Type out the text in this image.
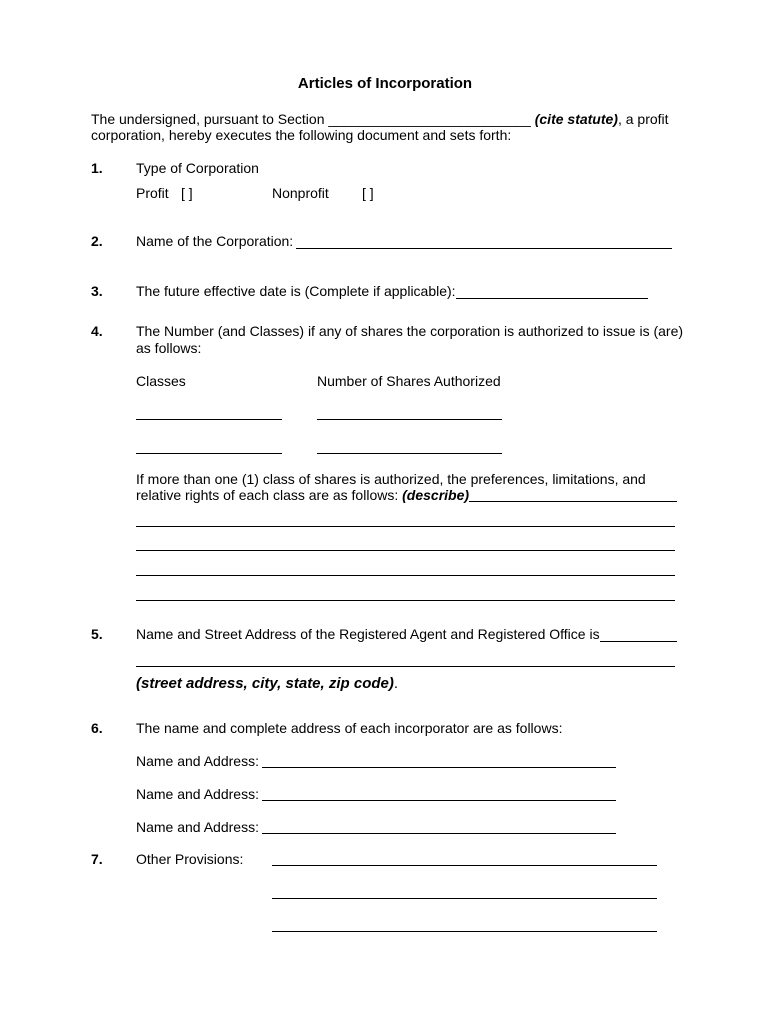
Articles of Incorporation
The undersigned, pursuant to Section __________________________ (cite statute), a profit
corporation, hereby executes the following document and sets forth:
1. Type of Corporation
Profit [ ]	Nonprofit [ ]
2. Name of the Corporation:
3. The future effective date is (Complete if applicable):
4. The Number (and Classes) if any of shares the corporation is authorized to issue is (are)
as follows:
Classes	Number of Shares Authorized
If more than one (1) class of shares is authorized, the preferences, limitations, and
relative rights of each class are as follows: (describe)
5. Name and Street Address of the Registered Agent and Registered Office is
(street address, city, state, zip code).
6. The name and complete address of each incorporator are as follows:
Name and Address:
Name and Address:
Name and Address:
7. Other Provisions:
